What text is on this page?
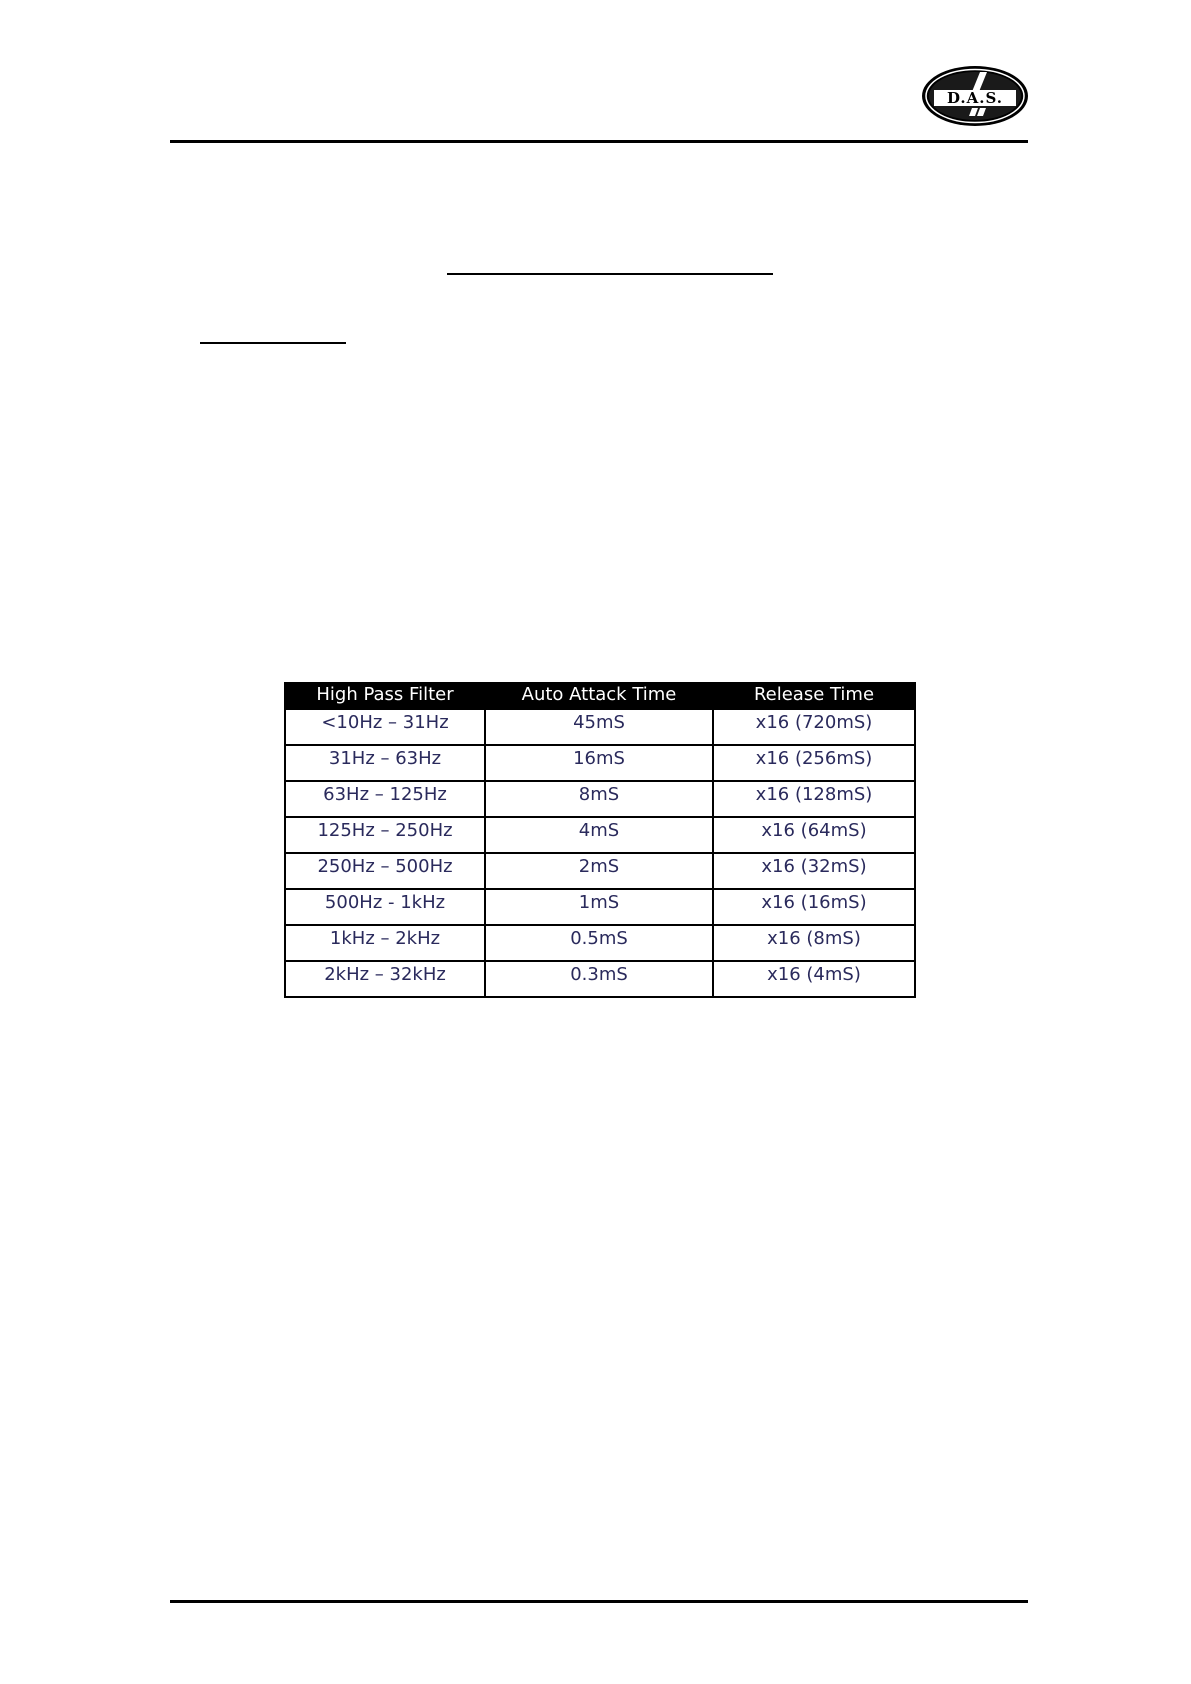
D.A.S.
High Pass Filter	Auto Attack Time	Release Time
<10Hz – 31Hz	45mS	x16 (720mS)
31Hz – 63Hz	16mS	x16 (256mS)
63Hz – 125Hz	8mS	x16 (128mS)
125Hz – 250Hz	4mS	x16 (64mS)
250Hz – 500Hz	2mS	x16 (32mS)
500Hz - 1kHz	1mS	x16 (16mS)
1kHz – 2kHz	0.5mS	x16 (8mS)
2kHz – 32kHz	0.3mS	x16 (4mS)
